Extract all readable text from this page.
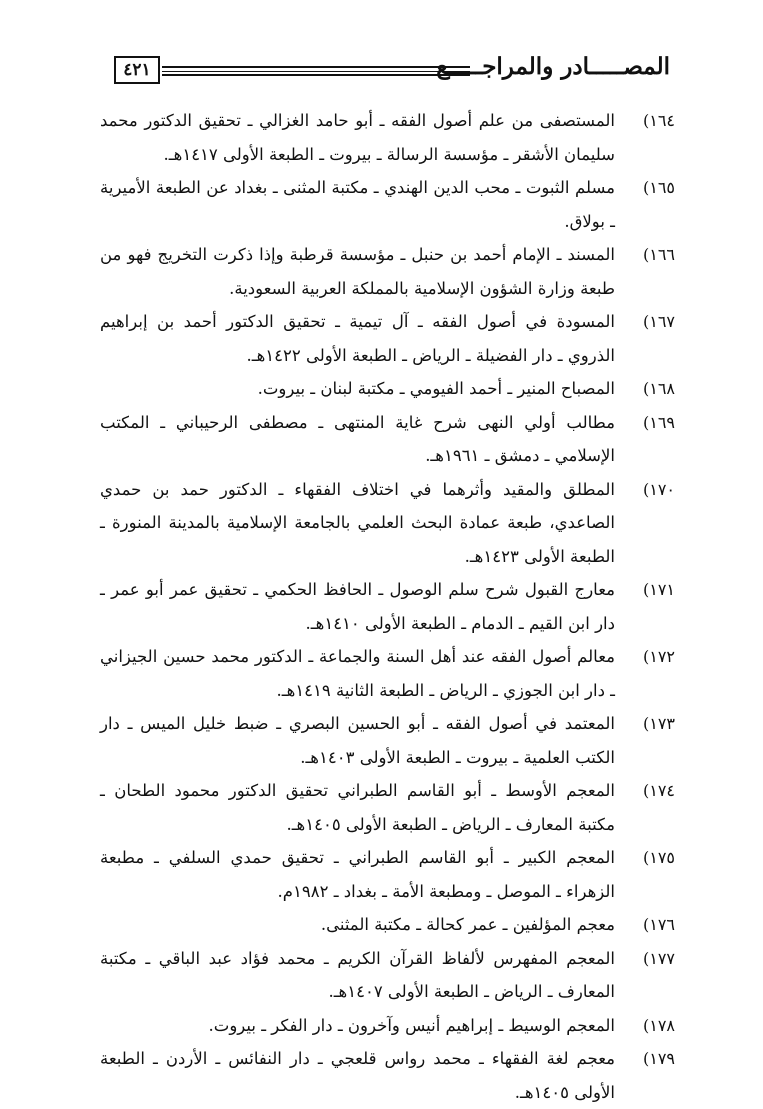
٤٢١	المصـــــادر والمراجـــــع
١٦٤)
المستصفى من علم أصول الفقه ـ أبو حامد الغزالي ـ تحقيق الدكتور محمد سليمان الأشقر ـ مؤسسة الرسالة ـ بيروت ـ الطبعة الأولى ١٤١٧هـ.
١٦٥)
مسلم الثبوت ـ محب الدين الهندي ـ مكتبة المثنى ـ بغداد عن الطبعة الأميرية ـ بولاق.
١٦٦)
المسند ـ الإمام أحمد بن حنبل ـ مؤسسة قرطبة وإذا ذكرت التخريج فهو من طبعة وزارة الشؤون الإسلامية بالمملكة العربية السعودية.
١٦٧)
المسودة في أصول الفقه ـ آل تيمية ـ تحقيق الدكتور أحمد بن إبراهيم الذروي ـ دار الفضيلة ـ الرياض ـ الطبعة الأولى ١٤٢٢هـ.
١٦٨)
المصباح المنير ـ أحمد الفيومي ـ مكتبة لبنان ـ بيروت.
١٦٩)
مطالب أولي النهى شرح غاية المنتهى ـ مصطفى الرحيباني ـ المكتب الإسلامي ـ دمشق ـ ١٩٦١هـ.
١٧٠)
المطلق والمقيد وأثرهما في اختلاف الفقهاء ـ الدكتور حمد بن حمدي الصاعدي، طبعة عمادة البحث العلمي بالجامعة الإسلامية بالمدينة المنورة ـ الطبعة الأولى ١٤٢٣هـ.
١٧١)
معارج القبول شرح سلم الوصول ـ الحافظ الحكمي ـ تحقيق عمر أبو عمر ـ دار ابن القيم ـ الدمام ـ الطبعة الأولى ١٤١٠هـ.
١٧٢)
معالم أصول الفقه عند أهل السنة والجماعة ـ الدكتور محمد حسين الجيزاني ـ دار ابن الجوزي ـ الرياض ـ الطبعة الثانية ١٤١٩هـ.
١٧٣)
المعتمد في أصول الفقه ـ أبو الحسين البصري ـ ضبط خليل الميس ـ دار الكتب العلمية ـ بيروت ـ الطبعة الأولى ١٤٠٣هـ.
١٧٤)
المعجم الأوسط ـ أبو القاسم الطبراني تحقيق الدكتور محمود الطحان ـ مكتبة المعارف ـ الرياض ـ الطبعة الأولى ١٤٠٥هـ.
١٧٥)
المعجم الكبير ـ أبو القاسم الطبراني ـ تحقيق حمدي السلفي ـ مطبعة الزهراء ـ الموصل ـ ومطبعة الأمة ـ بغداد ـ ١٩٨٢م.
١٧٦)
معجم المؤلفين ـ عمر كحالة ـ مكتبة المثنى.
١٧٧)
المعجم المفهرس لألفاظ القرآن الكريم ـ محمد فؤاد عبد الباقي ـ مكتبة المعارف ـ الرياض ـ الطبعة الأولى ١٤٠٧هـ.
١٧٨)
المعجم الوسيط ـ إبراهيم أنيس وآخرون ـ دار الفكر ـ بيروت.
١٧٩)
معجم لغة الفقهاء ـ محمد رواس قلعجي ـ دار النفائس ـ الأردن ـ الطبعة الأولى ١٤٠٥هـ.
